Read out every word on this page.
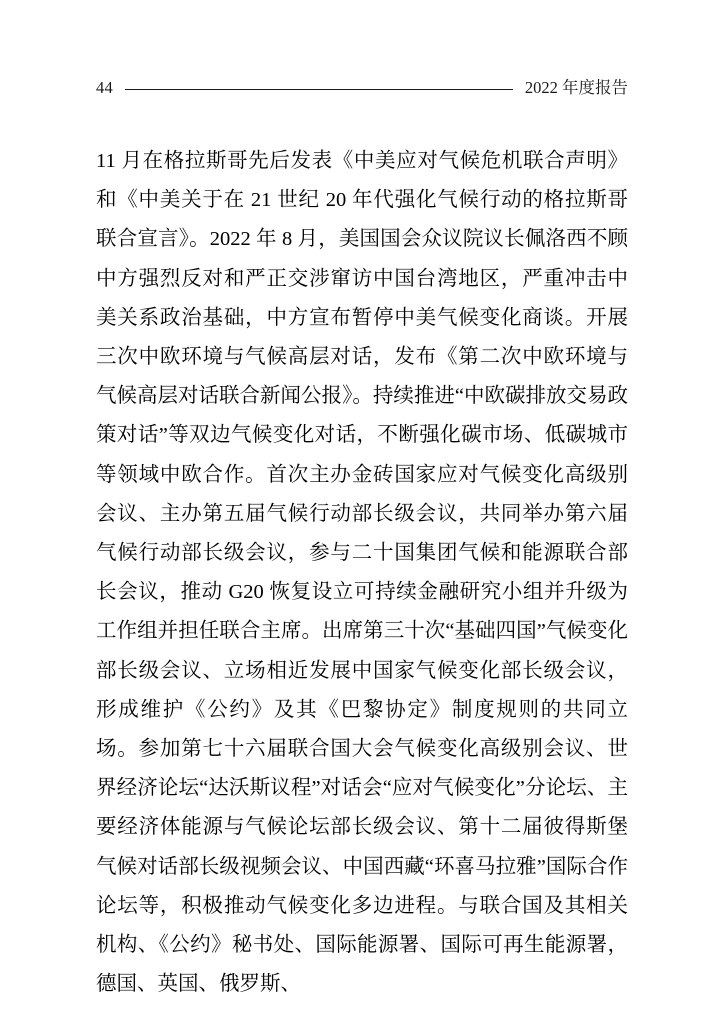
44	2022 年度报告
11 月在格拉斯哥先后发表《中美应对气候危机联合声明》和《中美关于在 21 世纪 20 年代强化气候行动的格拉斯哥联合宣言》。2022 年 8 月，美国国会众议院议长佩洛西不顾中方强烈反对和严正交涉窜访中国台湾地区，严重冲击中美关系政治基础，中方宣布暂停中美气候变化商谈。开展三次中欧环境与气候高层对话，发布《第二次中欧环境与气候高层对话联合新闻公报》。持续推进“中欧碳排放交易政策对话”等双边气候变化对话，不断强化碳市场、低碳城市等领域中欧合作。首次主办金砖国家应对气候变化高级别会议、主办第五届气候行动部长级会议，共同举办第六届气候行动部长级会议，参与二十国集团气候和能源联合部长会议，推动 G20 恢复设立可持续金融研究小组并升级为工作组并担任联合主席。出席第三十次“基础四国”气候变化部长级会议、立场相近发展中国家气候变化部长级会议，形成维护《公约》及其《巴黎协定》制度规则的共同立场。参加第七十六届联合国大会气候变化高级别会议、世界经济论坛“达沃斯议程”对话会“应对气候变化”分论坛、主要经济体能源与气候论坛部长级会议、第十二届彼得斯堡气候对话部长级视频会议、中国西藏“环喜马拉雅”国际合作论坛等，积极推动气候变化多边进程。与联合国及其相关机构、《公约》秘书处、国际能源署、国际可再生能源署，德国、英国、俄罗斯、
